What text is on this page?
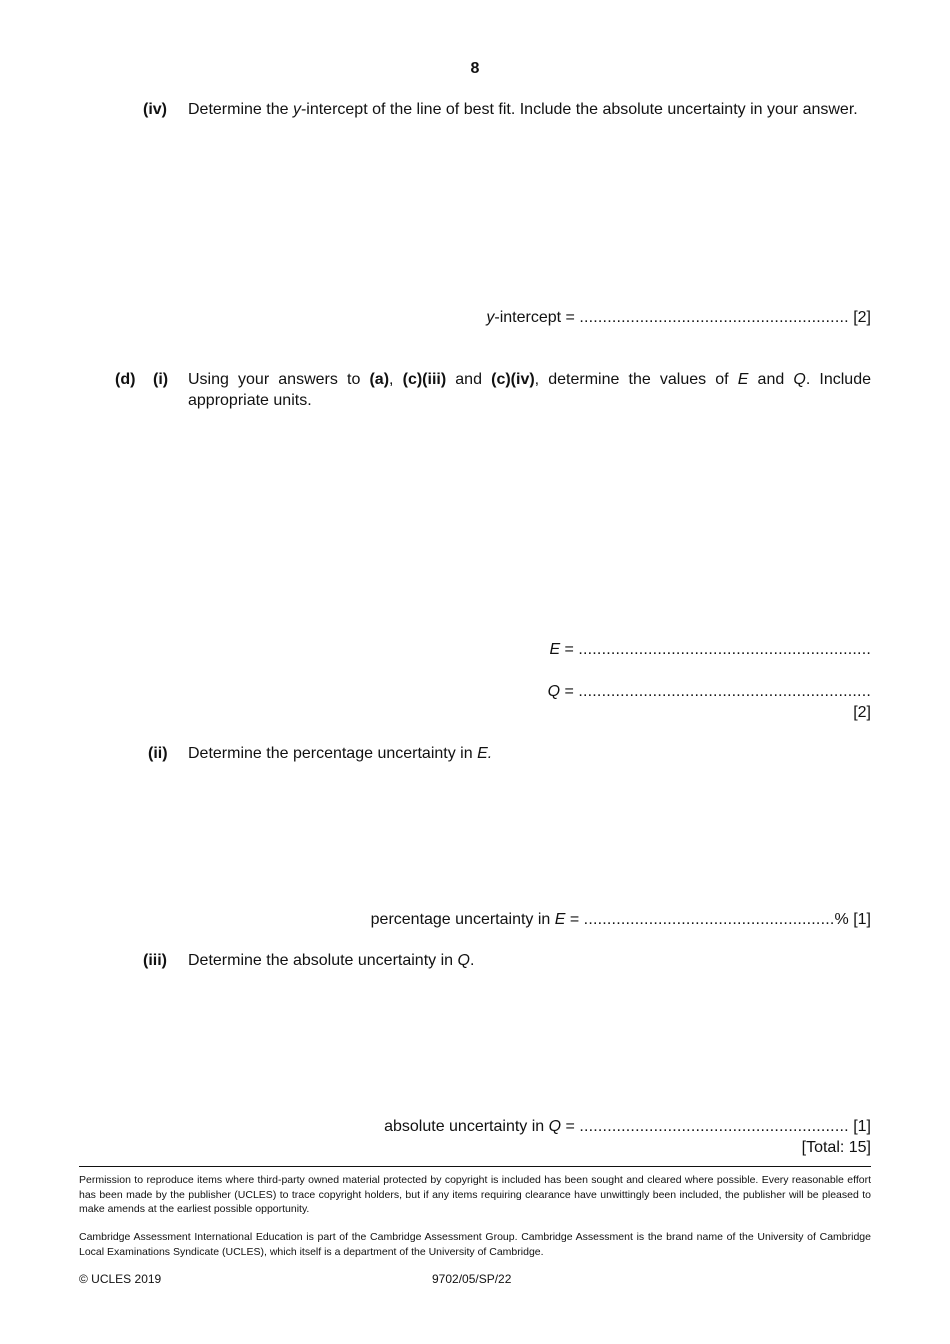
8
(iv) Determine the y-intercept of the line of best fit. Include the absolute uncertainty in your answer.
y-intercept = .......................................................... [2]
(d) (i) Using your answers to (a), (c)(iii) and (c)(iv), determine the values of E and Q. Include appropriate units.
E = ...............................................................
Q = ...............................................................
[2]
(ii) Determine the percentage uncertainty in E.
percentage uncertainty in E = ......................................................% [1]
(iii) Determine the absolute uncertainty in Q.
absolute uncertainty in Q = .......................................................... [1]
[Total: 15]
Permission to reproduce items where third-party owned material protected by copyright is included has been sought and cleared where possible. Every reasonable effort has been made by the publisher (UCLES) to trace copyright holders, but if any items requiring clearance have unwittingly been included, the publisher will be pleased to make amends at the earliest possible opportunity.
Cambridge Assessment International Education is part of the Cambridge Assessment Group. Cambridge Assessment is the brand name of the University of Cambridge Local Examinations Syndicate (UCLES), which itself is a department of the University of Cambridge.
© UCLES 2019	9702/05/SP/22
